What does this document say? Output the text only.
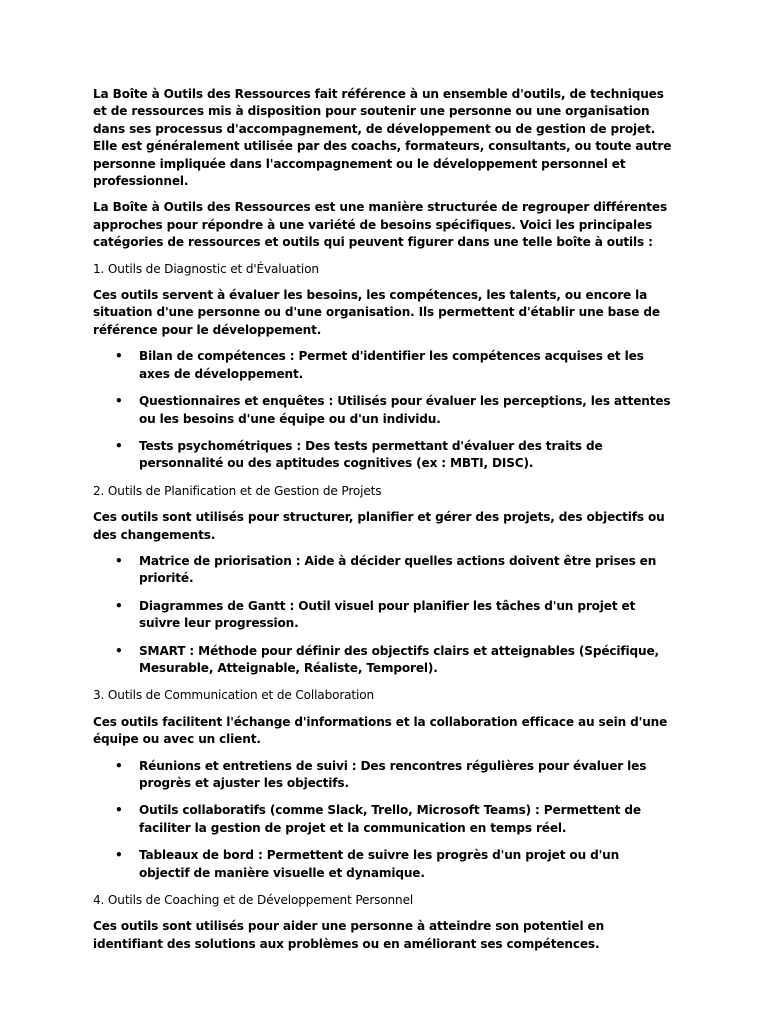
La Boîte à Outils des Ressources fait référence à un ensemble d'outils, de techniques et de ressources mis à disposition pour soutenir une personne ou une organisation dans ses processus d'accompagnement, de développement ou de gestion de projet. Elle est généralement utilisée par des coachs, formateurs, consultants, ou toute autre personne impliquée dans l'accompagnement ou le développement personnel et professionnel.

La Boîte à Outils des Ressources est une manière structurée de regrouper différentes approches pour répondre à une variété de besoins spécifiques. Voici les principales catégories de ressources et outils qui peuvent figurer dans une telle boîte à outils :

1. Outils de Diagnostic et d'Évaluation

Ces outils servent à évaluer les besoins, les compétences, les talents, ou encore la situation d'une personne ou d'une organisation. Ils permettent d'établir une base de référence pour le développement.

• Bilan de compétences : Permet d'identifier les compétences acquises et les axes de développement.
• Questionnaires et enquêtes : Utilisés pour évaluer les perceptions, les attentes ou les besoins d'une équipe ou d'un individu.
• Tests psychométriques : Des tests permettant d'évaluer des traits de personnalité ou des aptitudes cognitives (ex : MBTI, DISC).

2. Outils de Planification et de Gestion de Projets

Ces outils sont utilisés pour structurer, planifier et gérer des projets, des objectifs ou des changements.

• Matrice de priorisation : Aide à décider quelles actions doivent être prises en priorité.
• Diagrammes de Gantt : Outil visuel pour planifier les tâches d'un projet et suivre leur progression.
• SMART : Méthode pour définir des objectifs clairs et atteignables (Spécifique, Mesurable, Atteignable, Réaliste, Temporel).

3. Outils de Communication et de Collaboration

Ces outils facilitent l'échange d'informations et la collaboration efficace au sein d'une équipe ou avec un client.

• Réunions et entretiens de suivi : Des rencontres régulières pour évaluer les progrès et ajuster les objectifs.
• Outils collaboratifs (comme Slack, Trello, Microsoft Teams) : Permettent de faciliter la gestion de projet et la communication en temps réel.
• Tableaux de bord : Permettent de suivre les progrès d'un projet ou d'un objectif de manière visuelle et dynamique.

4. Outils de Coaching et de Développement Personnel

Ces outils sont utilisés pour aider une personne à atteindre son potentiel en identifiant des solutions aux problèmes ou en améliorant ses compétences.
